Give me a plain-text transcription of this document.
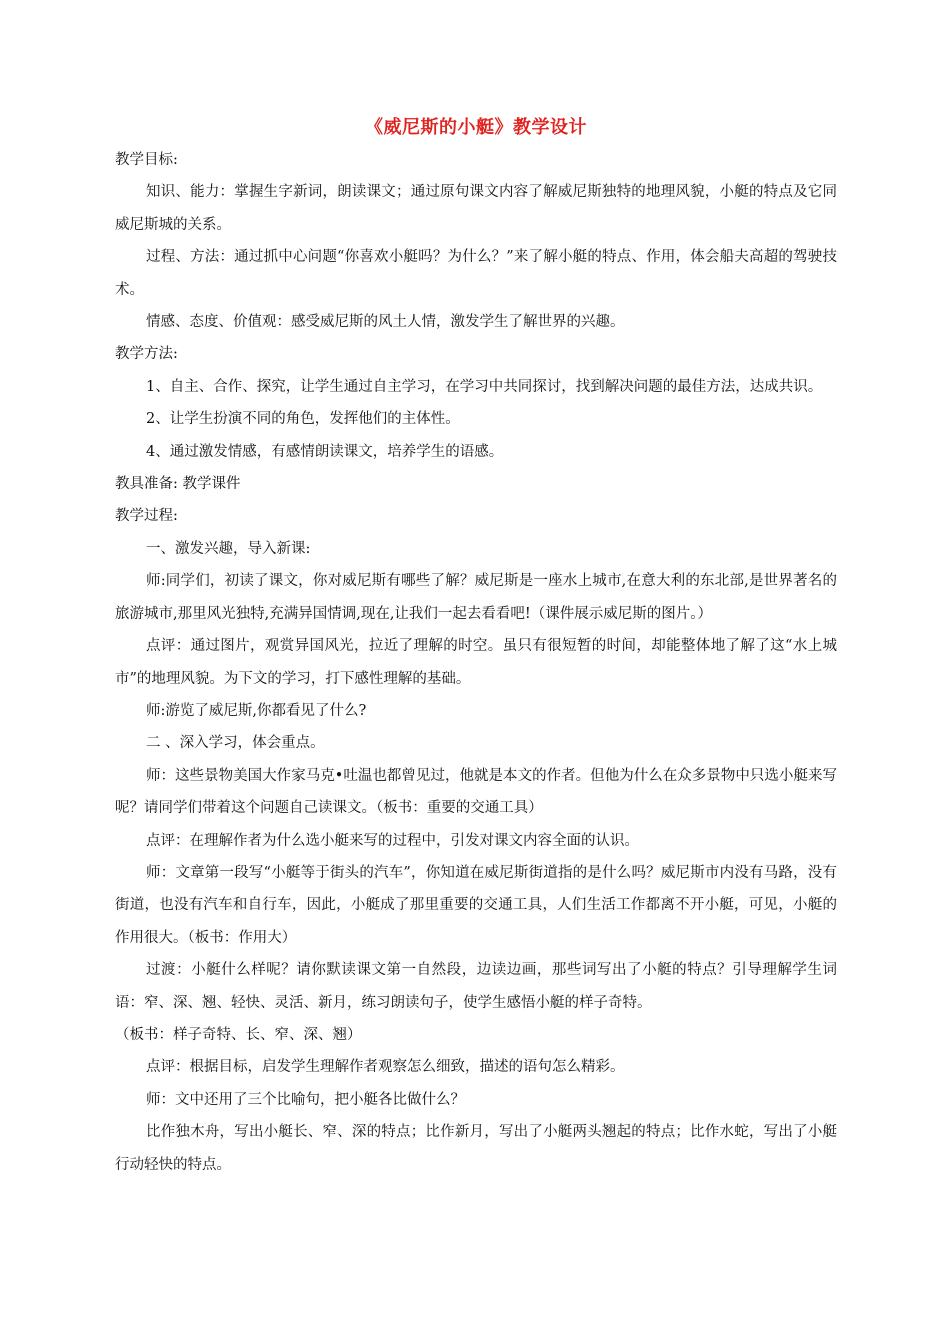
《威尼斯的小艇》教学设计

教学目标:

知识、能力：掌握生字新词，朗读课文；通过原句课文内容了解威尼斯独特的地理风貌，小艇的特点及它同威尼斯城的关系。

过程、方法：通过抓中心问题“你喜欢小艇吗？为什么？”来了解小艇的特点、作用，体会船夫高超的驾驶技术。

情感、态度、价值观：感受威尼斯的风土人情，激发学生了解世界的兴趣。

教学方法:

1、自主、合作、探究，让学生通过自主学习，在学习中共同探讨，找到解决问题的最佳方法，达成共识。

2、让学生扮演不同的角色，发挥他们的主体性。

4、通过激发情感，有感情朗读课文，培养学生的语感。

教具准备: 教学课件

教学过程:

一、激发兴趣，导入新课:

师:同学们，初读了课文，你对威尼斯有哪些了解？威尼斯是一座水上城市,在意大利的东北部,是世界著名的旅游城市,那里风光独特,充满异国情调,现在,让我们一起去看看吧!（课件展示威尼斯的图片。）

点评：通过图片，观赏异国风光，拉近了理解的时空。虽只有很短暂的时间，却能整体地了解了这“水上城市”的地理风貌。为下文的学习，打下感性理解的基础。

师:游览了威尼斯,你都看见了什么?

二 、深入学习，体会重点。

师：这些景物美国大作家马克•吐温也都曾见过，他就是本文的作者。但他为什么在众多景物中只选小艇来写呢？请同学们带着这个问题自己读课文。（板书：重要的交通工具）

点评：在理解作者为什么选小艇来写的过程中，引发对课文内容全面的认识。

师：文章第一段写“小艇等于街头的汽车”，你知道在威尼斯街道指的是什么吗？威尼斯市内没有马路，没有街道，也没有汽车和自行车，因此，小艇成了那里重要的交通工具，人们生活工作都离不开小艇，可见，小艇的作用很大。（板书：作用大）

过渡：小艇什么样呢？请你默读课文第一自然段，边读边画，那些词写出了小艇的特点？引导理解学生词语：窄、深、翘、轻快、灵活、新月，练习朗读句子，使学生感悟小艇的样子奇特。

（板书：样子奇特、长、窄、深、翘）

点评：根据目标，启发学生理解作者观察怎么细致，描述的语句怎么精彩。

师：文中还用了三个比喻句，把小艇各比做什么？

比作独木舟，写出小艇长、窄、深的特点；比作新月，写出了小艇两头翘起的特点；比作水蛇，写出了小艇行动轻快的特点。
